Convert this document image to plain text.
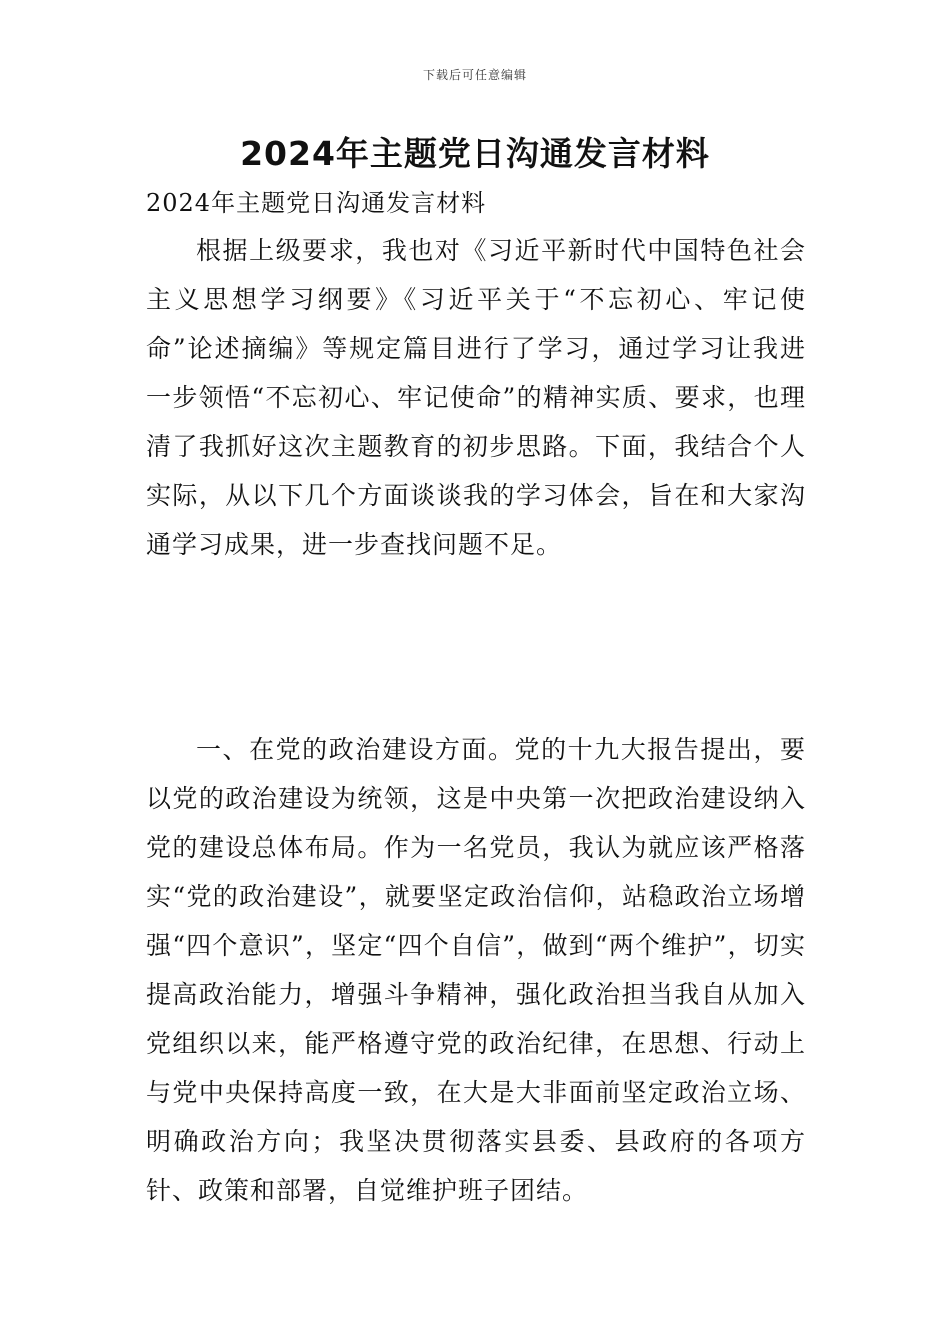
下载后可任意编辑
2024年主题党日沟通发言材料
2024年主题党日沟通发言材料

根据上级要求，我也对《习近平新时代中国特色社会主义思想学习纲要》《习近平关于“不忘初心、牢记使命”论述摘编》等规定篇目进行了学习，通过学习让我进一步领悟“不忘初心、牢记使命”的精神实质、要求，也理清了我抓好这次主题教育的初步思路。下面，我结合个人实际，从以下几个方面谈谈我的学习体会，旨在和大家沟通学习成果，进一步查找问题不足。

一、在党的政治建设方面。党的十九大报告提出，要以党的政治建设为统领，这是中央第一次把政治建设纳入党的建设总体布局。作为一名党员，我认为就应该严格落实“党的政治建设”，就要坚定政治信仰，站稳政治立场增强“四个意识”，坚定“四个自信”，做到“两个维护”，切实提高政治能力，增强斗争精神，强化政治担当我自从加入党组织以来，能严格遵守党的政治纪律，在思想、行动上与党中央保持高度一致，在大是大非面前坚定政治立场、明确政治方向；我坚决贯彻落实县委、县政府的各项方针、政策和部署，自觉维护班子团结。
